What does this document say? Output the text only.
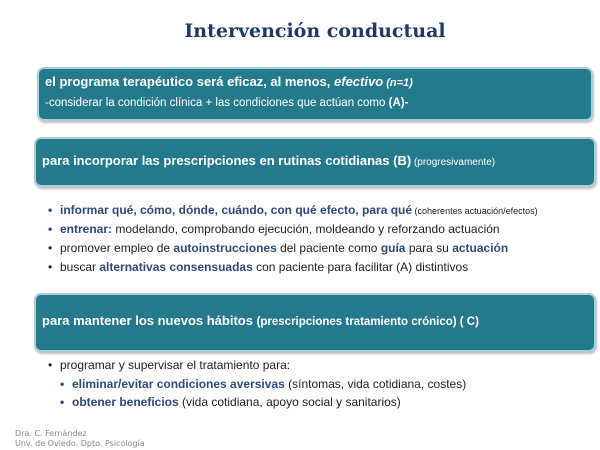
Intervención conductual
el programa terapéutico será eficaz, al menos, efectivo (n=1)
-considerar la condición clínica + las condiciones que actúan como (A)-
para incorporar las prescripciones en rutinas cotidianas (B) (progresivamente)
• informar qué, cómo, dónde, cuándo, con qué efecto, para qué (coherentes actuación/efectos)
• entrenar: modelando, comprobando ejecución, moldeando y reforzando actuación
• promover empleo de autoinstrucciones del paciente como guía para su actuación
• buscar alternativas consensuadas con paciente para facilitar (A) distintivos
para mantener los nuevos hábitos (prescripciones tratamiento crónico) ( C)
• programar y supervisar el tratamiento para:
• eliminar/evitar condiciones aversivas (síntomas, vida cotidiana, costes)
• obtener beneficios (vida cotidiana, apoyo social y sanitarios)
Dra. C. Fernández
Unv. de Oviedo. Dpto. Psicología
